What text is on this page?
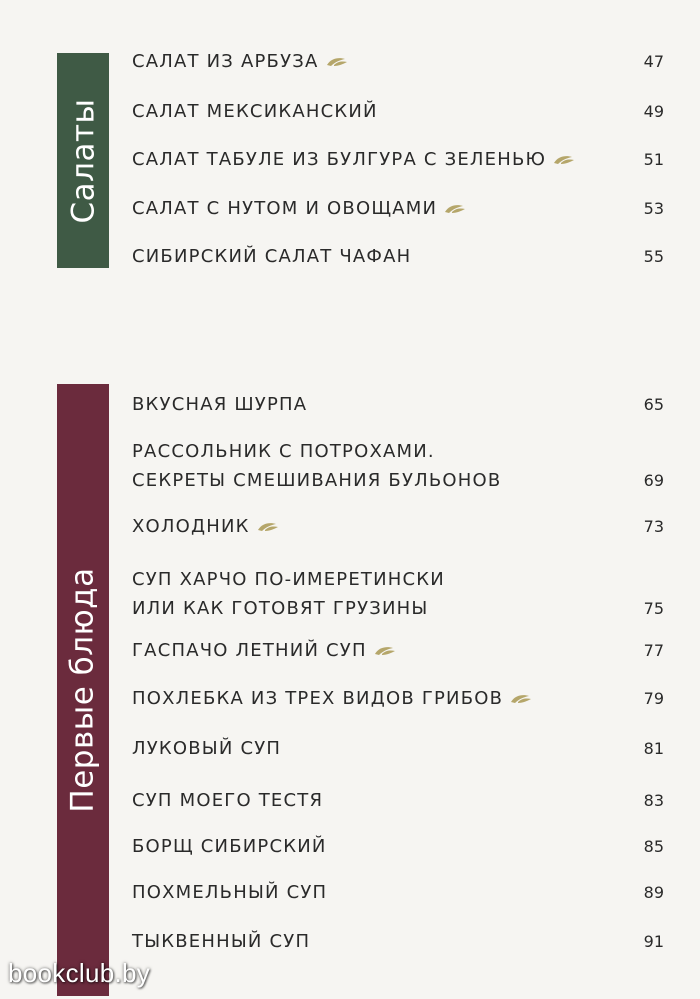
Салаты
Первые блюда
САЛАТ ИЗ АРБУЗА	47
САЛАТ МЕКСИКАНСКИЙ	49
САЛАТ ТАБУЛЕ ИЗ БУЛГУРА С ЗЕЛЕНЬЮ	51
САЛАТ С НУТОМ И ОВОЩАМИ	53
СИБИРСКИЙ САЛАТ ЧАФАН	55
ВКУСНАЯ ШУРПА	65
РАССОЛЬНИК С ПОТРОХАМИ.
СЕКРЕТЫ СМЕШИВАНИЯ БУЛЬОНОВ	69
ХОЛОДНИК	73
СУП ХАРЧО ПО-ИМЕРЕТИНСКИ
ИЛИ КАК ГОТОВЯТ ГРУЗИНЫ	75
ГАСПАЧО ЛЕТНИЙ СУП	77
ПОХЛЕБКА ИЗ ТРЕХ ВИДОВ ГРИБОВ	79
ЛУКОВЫЙ СУП	81
СУП МОЕГО ТЕСТЯ	83
БОРЩ СИБИРСКИЙ	85
ПОХМЕЛЬНЫЙ СУП	89
ТЫКВЕННЫЙ СУП	91
bookclub.by
